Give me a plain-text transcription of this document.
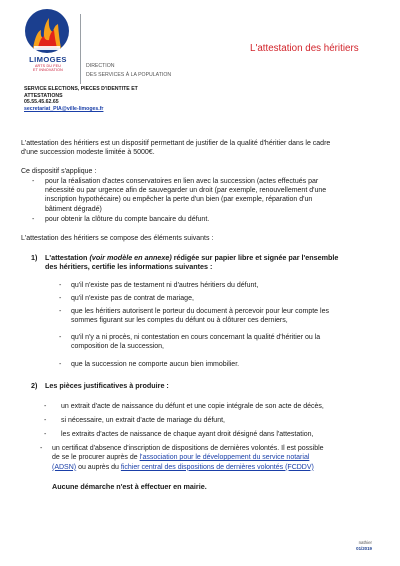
LIMOGES
ARTS DU FEU
ET INNOVATION
DIRECTION
DES SERVICES À LA POPULATION
L'attestation des héritiers
SERVICE ELECTIONS, PIECES D'IDENTITE ET
ATTESTATIONS
05.55.45.62.65
secretariat_PIA@ville-limoges.fr
L'attestation des héritiers est un dispositif permettant de justifier de la qualité d'héritier dans le cadre
d'une succession modeste limitée à 5000€.
Ce dispositif s'applique :
- pour la réalisation d'actes conservatoires en lien avec la succession (actes effectués par
nécessité ou par urgence afin de sauvegarder un droit (par exemple, renouvellement d'une
inscription hypothécaire) ou empêcher la perte d'un bien (par exemple, réparation d'un
bâtiment dégradé)
- pour obtenir la clôture du compte bancaire du défunt.
L'attestation des héritiers se compose des éléments suivants :
1) L'attestation (voir modèle en annexe) rédigée sur papier libre et signée par l'ensemble
des héritiers, certifie les informations suivantes :
- qu'il n'existe pas de testament ni d'autres héritiers du défunt,
- qu'il n'existe pas de contrat de mariage,
- que les héritiers autorisent le porteur du document à percevoir pour leur compte les
sommes figurant sur les comptes du défunt ou à clôturer ces derniers,
- qu'il n'y a ni procès, ni contestation en cours concernant la qualité d'héritier ou la
composition de la succession,
- que la succession ne comporte aucun bien immobilier.
2) Les pièces justificatives à produire :
- un extrait d'acte de naissance du défunt et une copie intégrale de son acte de décès,
- si nécessaire, un extrait d'acte de mariage du défunt,
- les extraits d'actes de naissance de chaque ayant droit désigné dans l'attestation,
- un certificat d'absence d'inscription de dispositions de dernières volontés. Il est possible
de se le procurer auprès de l'association pour le développement du service notarial
(ADSN) ou auprès du fichier central des dispositions de dernières volontés (FCDDV)
Aucune démarche n'est à effectuer en mairie.
nathier
01/2019
